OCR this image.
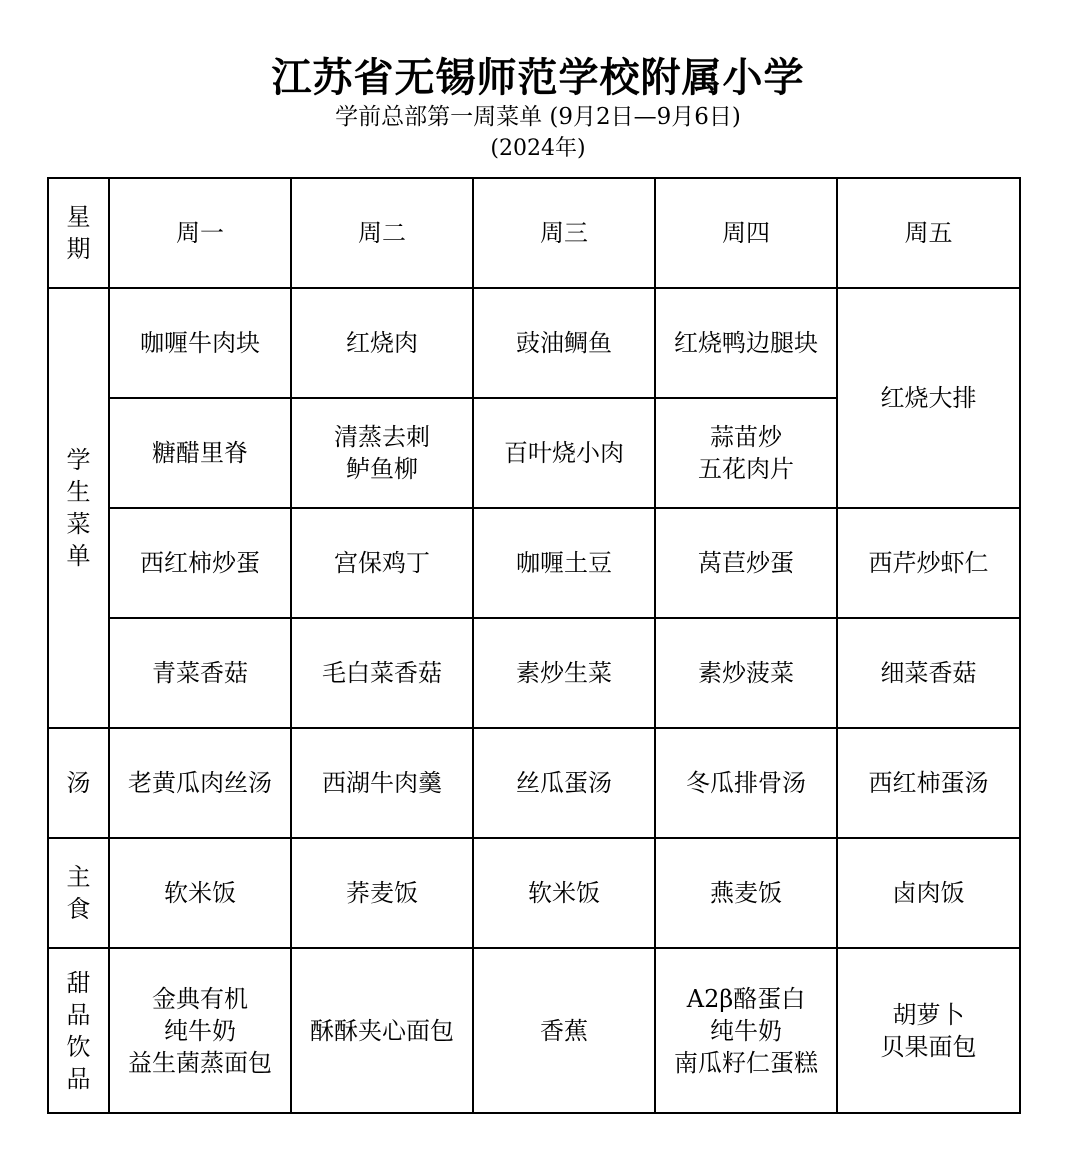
江苏省无锡师范学校附属小学
学前总部第一周菜单 (9月2日—9月6日)
(2024年)
星期	周一	周二	周三	周四	周五
学生菜单	咖喱牛肉块	红烧肉	豉油鲷鱼	红烧鸭边腿块	红烧大排

	糖醋里脊	清蒸去刺
鲈鱼柳	百叶烧小肉	蒜苗炒
五花肉片	

	西红柿炒蛋	宫保鸡丁	咖喱土豆	莴苣炒蛋	西芹炒虾仁
	青菜香菇	毛白菜香菇	素炒生菜	素炒菠菜	细菜香菇
汤	老黄瓜肉丝汤	西湖牛肉羹	丝瓜蛋汤	冬瓜排骨汤	西红柿蛋汤
主食	软米饭	荞麦饭	软米饭	燕麦饭	卤肉饭
甜品饮品	金典有机
纯牛奶
益生菌蒸面包	酥酥夹心面包	香蕉	A2β酪蛋白
纯牛奶
南瓜籽仁蛋糕	胡萝卜
贝果面包
